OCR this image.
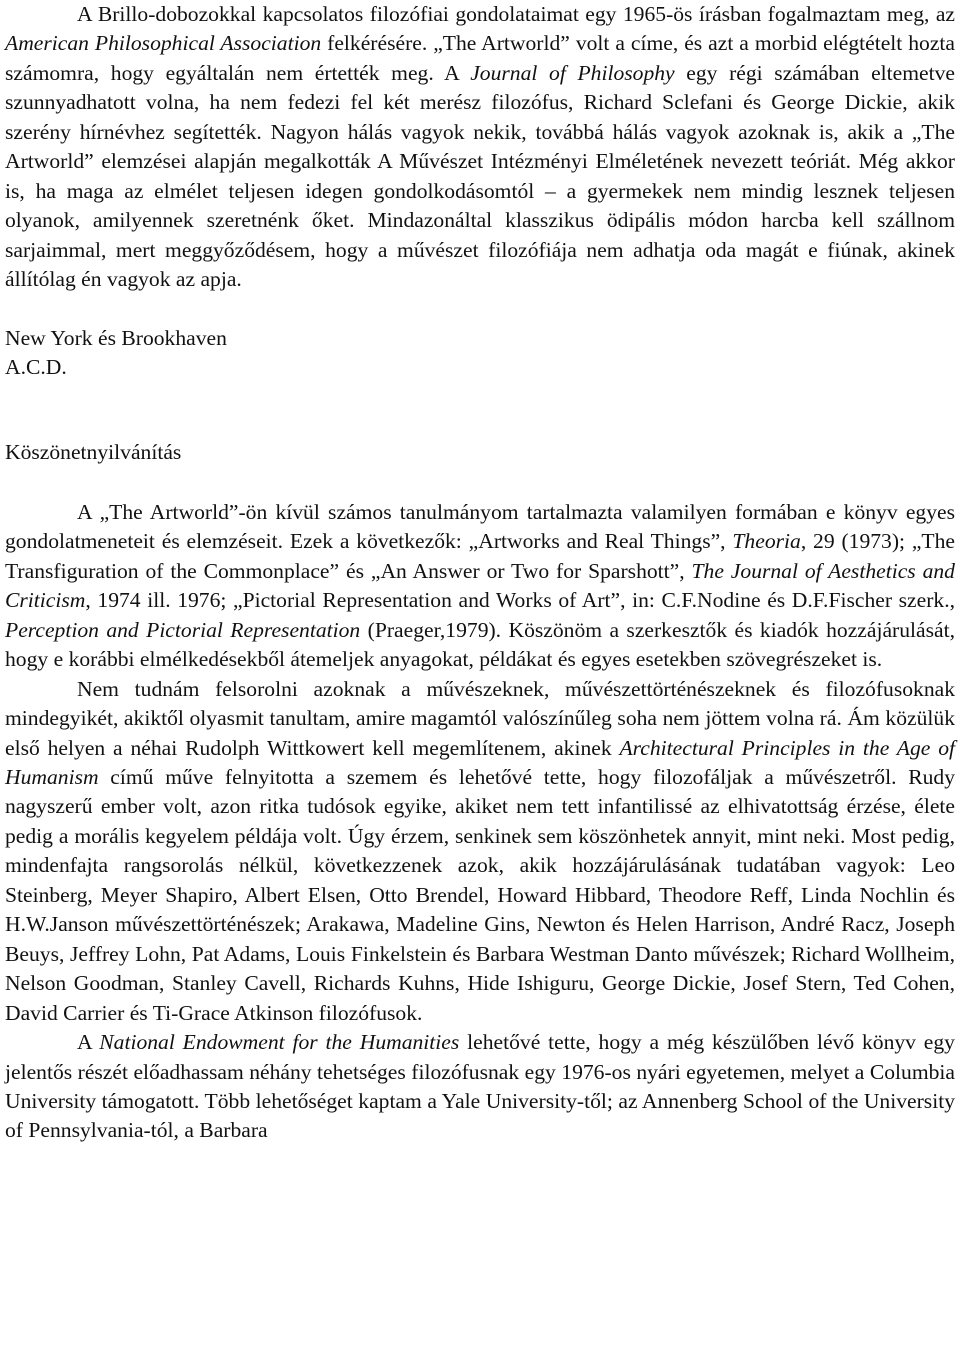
A Brillo-dobozokkal kapcsolatos filozófiai gondolataimat egy 1965-ös írásban fogalmaztam meg, az American Philosophical Association felkérésére. „The Artworld” volt a címe, és azt a morbid elégtételt hozta számomra, hogy egyáltalán nem értették meg. A Journal of Philosophy egy régi számában eltemetve szunnyadhatott volna, ha nem fedezi fel két merész filozófus, Richard Sclefani és George Dickie, akik szerény hírnévhez segítették. Nagyon hálás vagyok nekik, továbbá hálás vagyok azoknak is, akik a „The Artworld” elemzései alapján megalkották A Művészet Intézményi Elméletének nevezett teóriát. Még akkor is, ha maga az elmélet teljesen idegen gondolkodásomtól – a gyermekek nem mindig lesznek teljesen olyanok, amilyennek szeretnénk őket. Mindazonáltal klasszikus ödipális módon harcba kell szállnom sarjaimmal, mert meggyőződésem, hogy a művészet filozófiája nem adhatja oda magát e fiúnak, akinek állítólag én vagyok az apja.

New York és Brookhaven

A.C.D.

Köszönetnyilvánítás

A „The Artworld”-ön kívül számos tanulmányom tartalmazta valamilyen formában e könyv egyes gondolatmeneteit és elemzéseit. Ezek a következők: „Artworks and Real Things”, Theoria, 29 (1973); „The Transfiguration of the Commonplace” és „An Answer or Two for Sparshott”, The Journal of Aesthetics and Criticism, 1974 ill. 1976; „Pictorial Representation and Works of Art”, in: C.F.Nodine és D.F.Fischer szerk., Perception and Pictorial Representation (Praeger,1979). Köszönöm a szerkesztők és kiadók hozzájárulását, hogy e korábbi elmélkedésekből átemeljek anyagokat, példákat és egyes esetekben szövegrészeket is.

Nem tudnám felsorolni azoknak a művészeknek, művészettörténészeknek és filozófusoknak mindegyikét, akiktől olyasmit tanultam, amire magamtól valószínűleg soha nem jöttem volna rá. Ám közülük első helyen a néhai Rudolph Wittkowert kell megemlítenem, akinek Architectural Principles in the Age of Humanism című műve felnyitotta a szemem és lehetővé tette, hogy filozofáljak a művészetről. Rudy nagyszerű ember volt, azon ritka tudósok egyike, akiket nem tett infantilissé az elhivatottság érzése, élete pedig a morális kegyelem példája volt. Úgy érzem, senkinek sem köszönhetek annyit, mint neki. Most pedig, mindenfajta rangsorolás nélkül, következzenek azok, akik hozzájárulásának tudatában vagyok: Leo Steinberg, Meyer Shapiro, Albert Elsen, Otto Brendel, Howard Hibbard, Theodore Reff, Linda Nochlin és H.W.Janson művészettörténészek; Arakawa, Madeline Gins, Newton és Helen Harrison, André Racz, Joseph Beuys, Jeffrey Lohn, Pat Adams, Louis Finkelstein és Barbara Westman Danto művészek; Richard Wollheim, Nelson Goodman, Stanley Cavell, Richards Kuhns, Hide Ishiguru, George Dickie, Josef Stern, Ted Cohen, David Carrier és Ti-Grace Atkinson filozófusok.

A National Endowment for the Humanities lehetővé tette, hogy a még készülőben lévő könyv egy jelentős részét előadhassam néhány tehetséges filozófusnak egy 1976-os nyári egyetemen, melyet a Columbia University támogatott. Több lehetőséget kaptam a Yale University-től; az Annenberg School of the University of Pennsylvania-tól, a Barbara
